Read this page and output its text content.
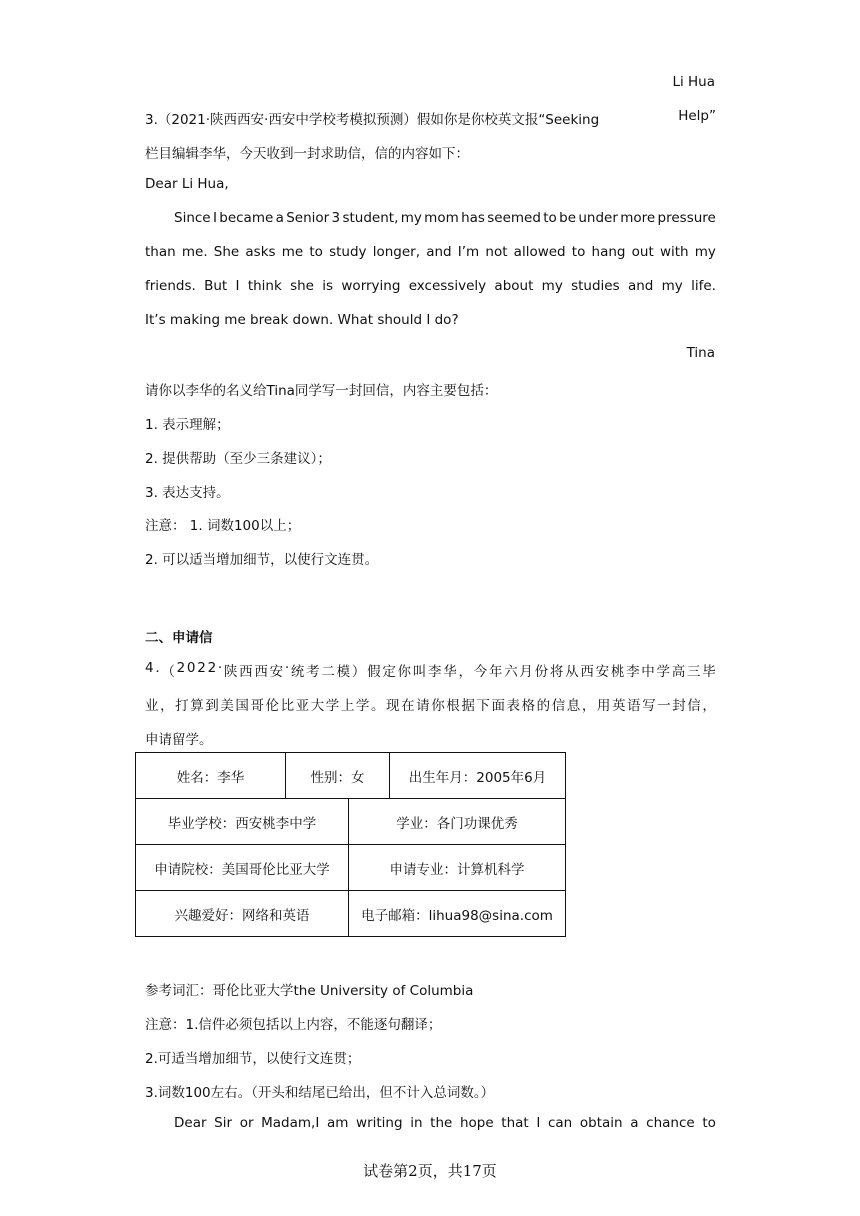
Li Hua
3.（2021·陕西西安·西安中学校考模拟预测）假如你是你校英文报“Seeking	Help”
栏目编辑李华，今天收到一封求助信，信的内容如下：
Dear Li Hua,
Since I became a Senior 3 student, my mom has seemed to be under more pressure
than me. She asks me to study longer, and I’m not allowed to hang out with my
friends. But I think she is worrying excessively about my studies and my life.
It’s making me break down. What should I do?
Tina
请你以李华的名义给Tina同学写一封回信，内容主要包括：
1. 表示理解；
2. 提供帮助（至少三条建议）；
3. 表达支持。
注意： 1. 词数100以上；
2. 可以适当增加细节，以使行文连贯。
二、申请信
4 . （ 2 0 2 2 · 陕 西 西 安 · 统 考 二 模 ） 假 定 你 叫 李 华 ， 今 年 六 月 份 将 从 西 安 桃 李 中 学 高 三 毕
业 ， 打 算 到 美 国 哥 伦 比 亚 大 学 上 学 。 现 在 请 你 根 据 下 面 表 格 的 信 息 ， 用 英 语 写 一 封 信 ，
申请留学。
姓名：李华	性别：女		出生年月：2005年6月
毕业学校：西安桃李中学		学业：各门功课优秀	
申请院校：美国哥伦比亚大学		申请专业：计算机科学	
兴趣爱好：网络和英语		电子邮箱：lihua98@sina.com	
参考词汇：哥伦比亚大学the University of Columbia
注意：1.信件必须包括以上内容，不能逐句翻译；
2.可适当增加细节，以使行文连贯；
3.词数100左右。（开头和结尾已给出，但不计入总词数。）
Dear Sir or Madam,I am writing in the hope that I can obtain a chance to
试卷第2页，共17页
